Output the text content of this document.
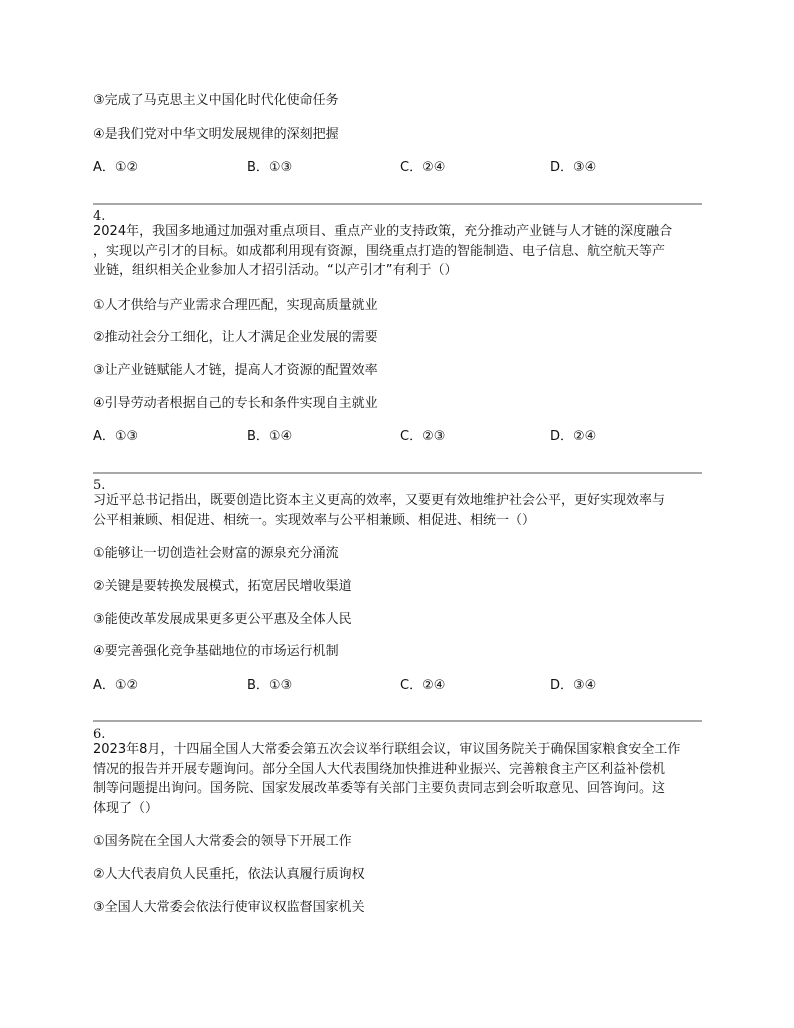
③完成了马克思主义中国化时代化使命任务
④是我们党对中华文明发展规律的深刻把握
A．①②	B．①③	C．②④	D．③④
4.
2024年，我国多地通过加强对重点项目、重点产业的支持政策，充分推动产业链与人才链的深度融合
，实现以产引才的目标。如成都利用现有资源，围绕重点打造的智能制造、电子信息、航空航天等产
业链，组织相关企业参加人才招引活动。“以产引才”有利于（）
①人才供给与产业需求合理匹配，实现高质量就业
②推动社会分工细化，让人才满足企业发展的需要
③让产业链赋能人才链，提高人才资源的配置效率
④引导劳动者根据自己的专长和条件实现自主就业
A．①③	B．①④	C．②③	D．②④
5.
习近平总书记指出，既要创造比资本主义更高的效率，又要更有效地维护社会公平，更好实现效率与
公平相兼顾、相促进、相统一。实现效率与公平相兼顾、相促进、相统一（）
①能够让一切创造社会财富的源泉充分涌流
②关键是要转换发展模式，拓宽居民增收渠道
③能使改革发展成果更多更公平惠及全体人民
④要完善强化竞争基础地位的市场运行机制
A．①②	B．①③	C．②④	D．③④
6.
2023年8月，十四届全国人大常委会第五次会议举行联组会议，审议国务院关于确保国家粮食安全工作
情况的报告并开展专题询问。部分全国人大代表围绕加快推进种业振兴、完善粮食主产区利益补偿机
制等问题提出询问。国务院、国家发展改革委等有关部门主要负责同志到会听取意见、回答询问。这
体现了（）
①国务院在全国人大常委会的领导下开展工作
②人大代表肩负人民重托，依法认真履行质询权
③全国人大常委会依法行使审议权监督国家机关
